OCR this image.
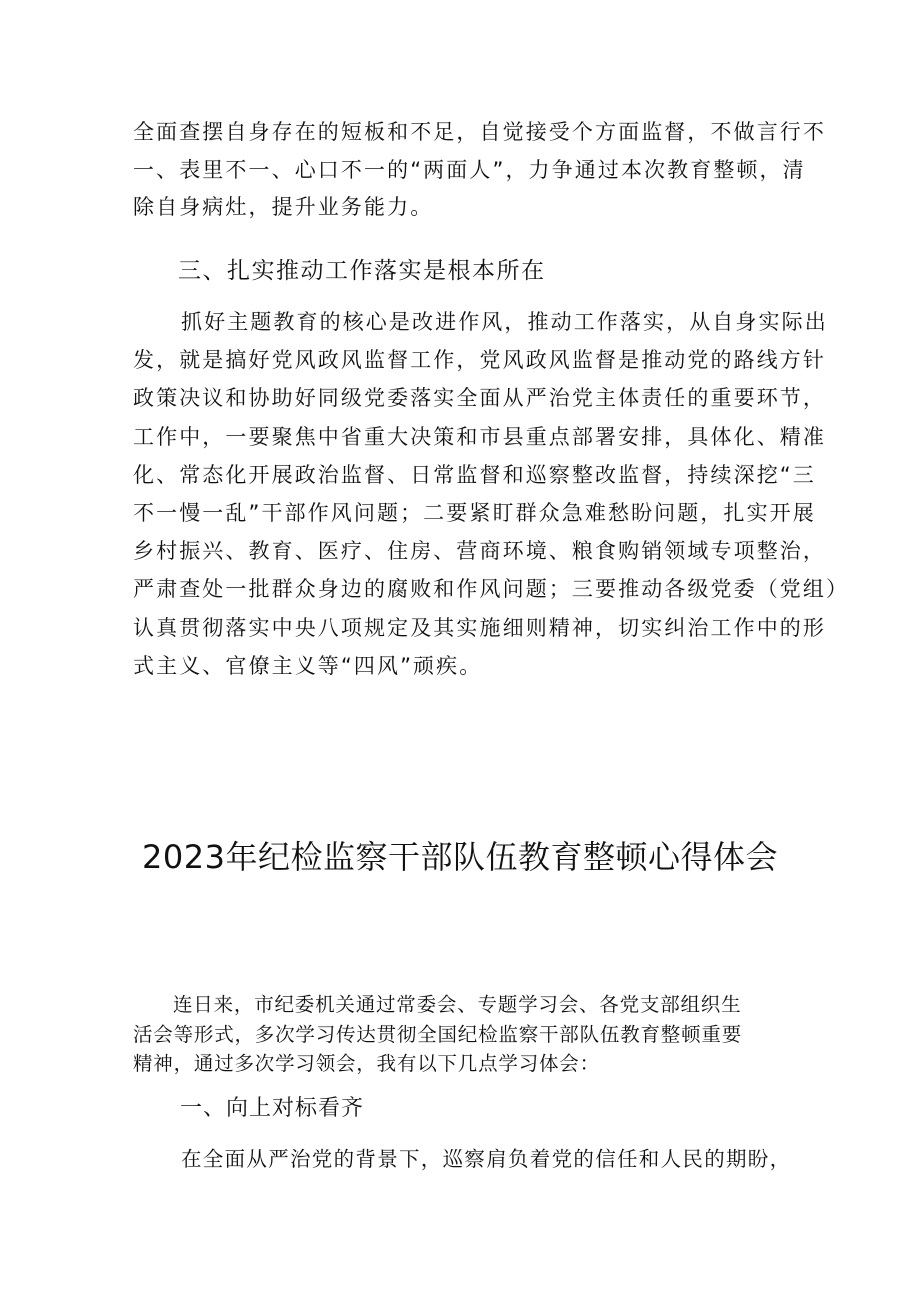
全面查摆自身存在的短板和不足，自觉接受个方面监督，不做言行不
一、表里不一、心口不一的“两面人”，力争通过本次教育整顿，清
除自身病灶，提升业务能力。
三、扎实推动工作落实是根本所在
抓好主题教育的核心是改进作风，推动工作落实，从自身实际出
发，就是搞好党风政风监督工作，党风政风监督是推动党的路线方针
政策决议和协助好同级党委落实全面从严治党主体责任的重要环节，
工作中，一要聚焦中省重大决策和市县重点部署安排，具体化、精准
化、常态化开展政治监督、日常监督和巡察整改监督，持续深挖“三
不一慢一乱”干部作风问题；二要紧盯群众急难愁盼问题，扎实开展
乡村振兴、教育、医疗、住房、营商环境、粮食购销领域专项整治，
严肃查处一批群众身边的腐败和作风问题；三要推动各级党委（党组）
认真贯彻落实中央八项规定及其实施细则精神，切实纠治工作中的形
式主义、官僚主义等“四风”顽疾。
2023年纪检监察干部队伍教育整顿心得体会
连日来，市纪委机关通过常委会、专题学习会、各党支部组织生
活会等形式，多次学习传达贯彻全国纪检监察干部队伍教育整顿重要
精神，通过多次学习领会，我有以下几点学习体会：
一、向上对标看齐
在全面从严治党的背景下，巡察肩负着党的信任和人民的期盼，
